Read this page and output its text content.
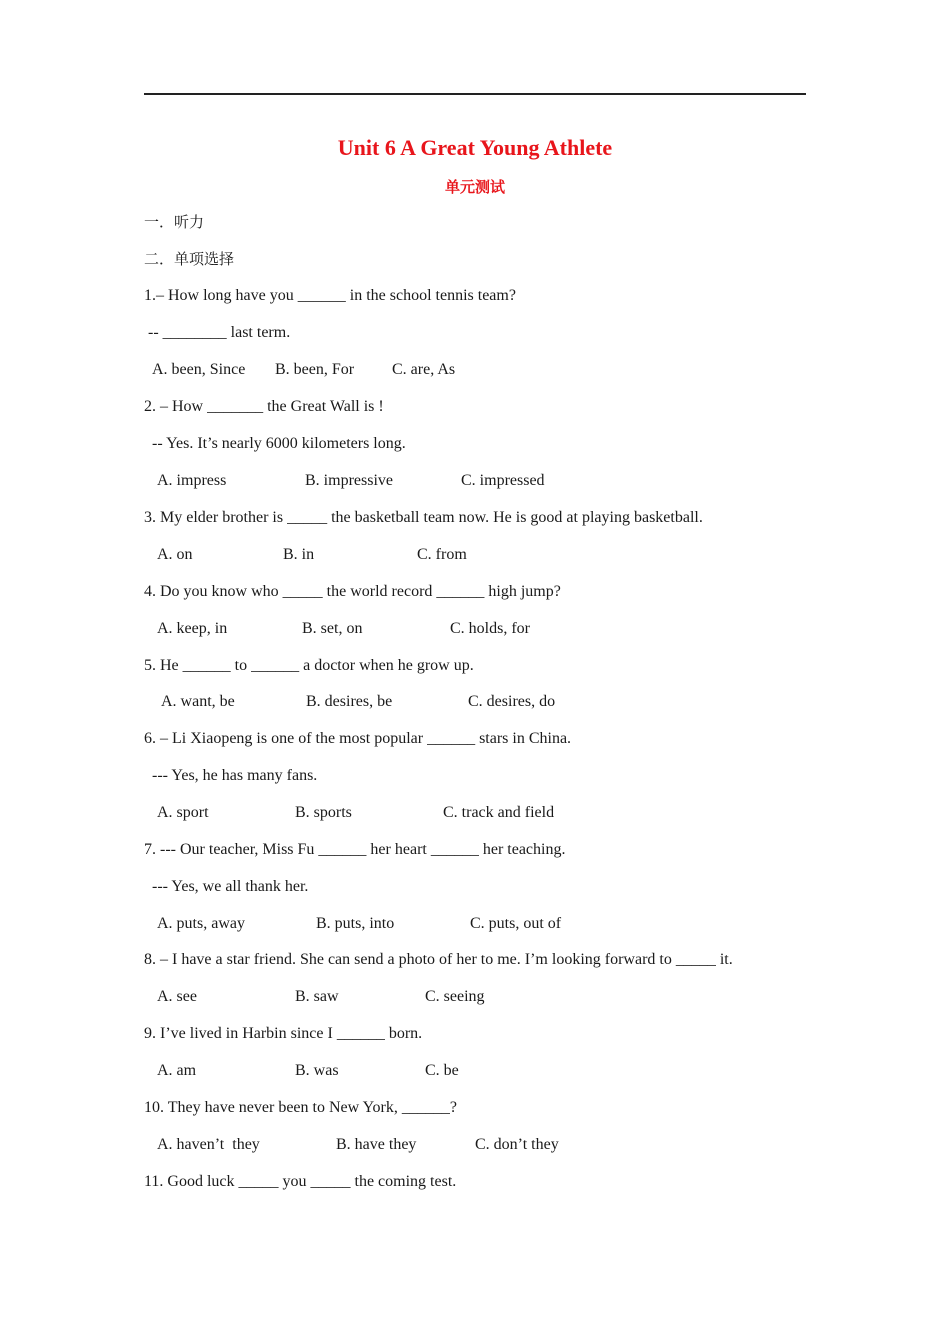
Unit 6 A Great Young Athlete
单元测试
一．听力
二．单项选择
1.– How long have you ______ in the school tennis team?
-- ________ last term.
A. been, Since B. been, For C. are, As
2. – How _______ the Great Wall is !
-- Yes. It’s nearly 6000 kilometers long.
A. impress	B. impressive	C. impressed
3. My elder brother is _____ the basketball team now. He is good at playing basketball.
A. on	B. in	C. from
4. Do you know who _____ the world record ______ high jump?
A. keep, in	B. set, on	C. holds, for
5. He ______ to ______ a doctor when he grow up.
A. want, be	B. desires, be	C. desires, do
6. – Li Xiaopeng is one of the most popular ______ stars in China.
--- Yes, he has many fans.
A. sport	B. sports	C. track and field
7. --- Our teacher, Miss Fu ______ her heart ______ her teaching.
--- Yes, we all thank her.
A. puts, away	B. puts, into	C. puts, out of
8. – I have a star friend. She can send a photo of her to me. I’m looking forward to _____ it.
A. see	B. saw	C. seeing
9. I’ve lived in Harbin since I ______ born.
A. am	B. was	C. be
10. They have never been to New York, ______?
A. haven’t  they	B. have they	C. don’t they
11. Good luck _____ you _____ the coming test.
